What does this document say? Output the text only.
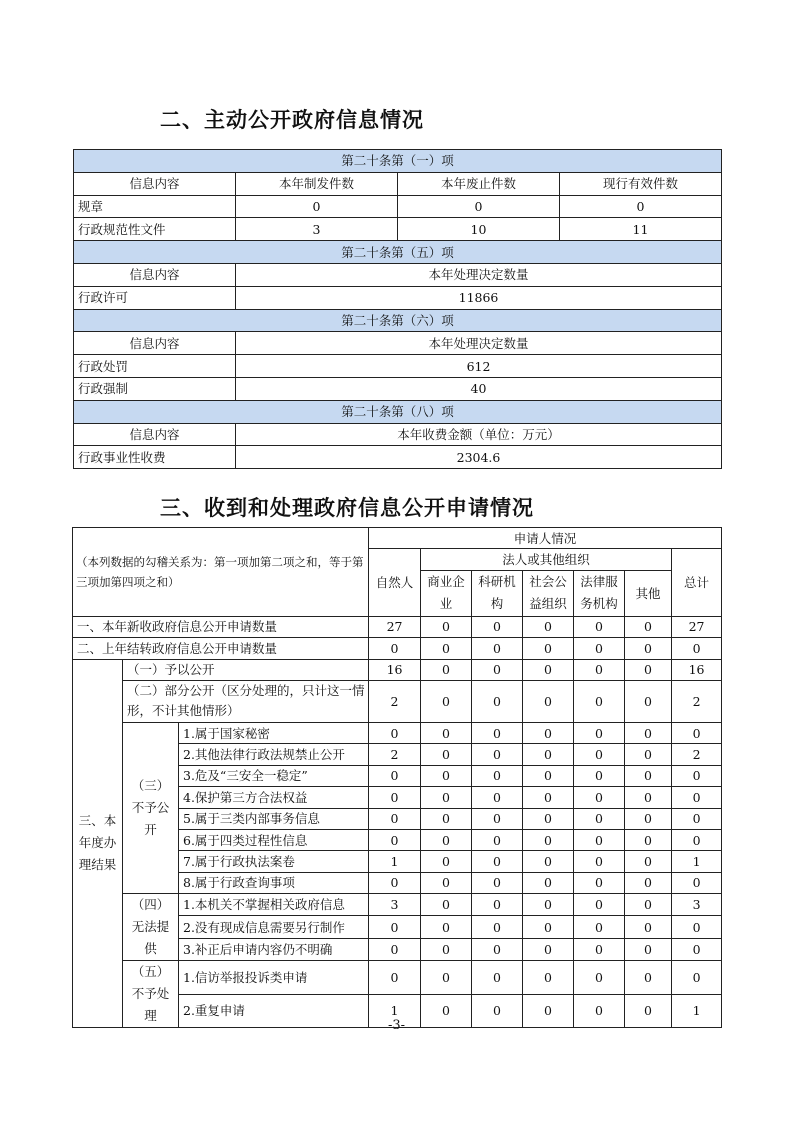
二、主动公开政府信息情况
第二十条第（一）项			
信息内容	本年制发件数	本年废止件数	现行有效件数
规章	0	0	0
行政规范性文件	3	10	11
第二十条第（五）项			
信息内容	本年处理决定数量		
行政许可	11866		
第二十条第（六）项			
信息内容	本年处理决定数量		
行政处罚	612		
行政强制	40		
第二十条第（八）项			
信息内容	本年收费金额（单位：万元）		
行政事业性收费	2304.6		
三、收到和处理政府信息公开申请情况
（本列数据的勾稽关系为：第一项加第二项之和，等于第三项加第四项之和）			申请人情况						
			自然人	法人或其他组织					总计
				商业企业	科研机构	社会公益组织	法律服务机构	其他	
一、本年新收政府信息公开申请数量			27	0	0	0	0	0	27
二、上年结转政府信息公开申请数量			0	0	0	0	0	0	0
三、本年度办理结果	（一）予以公开		16	0	0	0	0	0	16
	（二）部分公开（区分处理的，只计这一情形，不计其他情形）		2	0	0	0	0	0	2
	（三）不予公开	1.属于国家秘密	0	0	0	0	0	0	0
		2.其他法律行政法规禁止公开	2	0	0	0	0	0	2
		3.危及“三安全一稳定”	0	0	0	0	0	0	0
		4.保护第三方合法权益	0	0	0	0	0	0	0
		5.属于三类内部事务信息	0	0	0	0	0	0	0
		6.属于四类过程性信息	0	0	0	0	0	0	0
		7.属于行政执法案卷	1	0	0	0	0	0	1
		8.属于行政查询事项	0	0	0	0	0	0	0
	（四）无法提供	1.本机关不掌握相关政府信息	3	0	0	0	0	0	3
		2.没有现成信息需要另行制作	0	0	0	0	0	0	0
		3.补正后申请内容仍不明确	0	0	0	0	0	0	0
	（五）不予处理	1.信访举报投诉类申请	0	0	0	0	0	0	0
		2.重复申请	1	0	0	0	0	0	1

-3-
